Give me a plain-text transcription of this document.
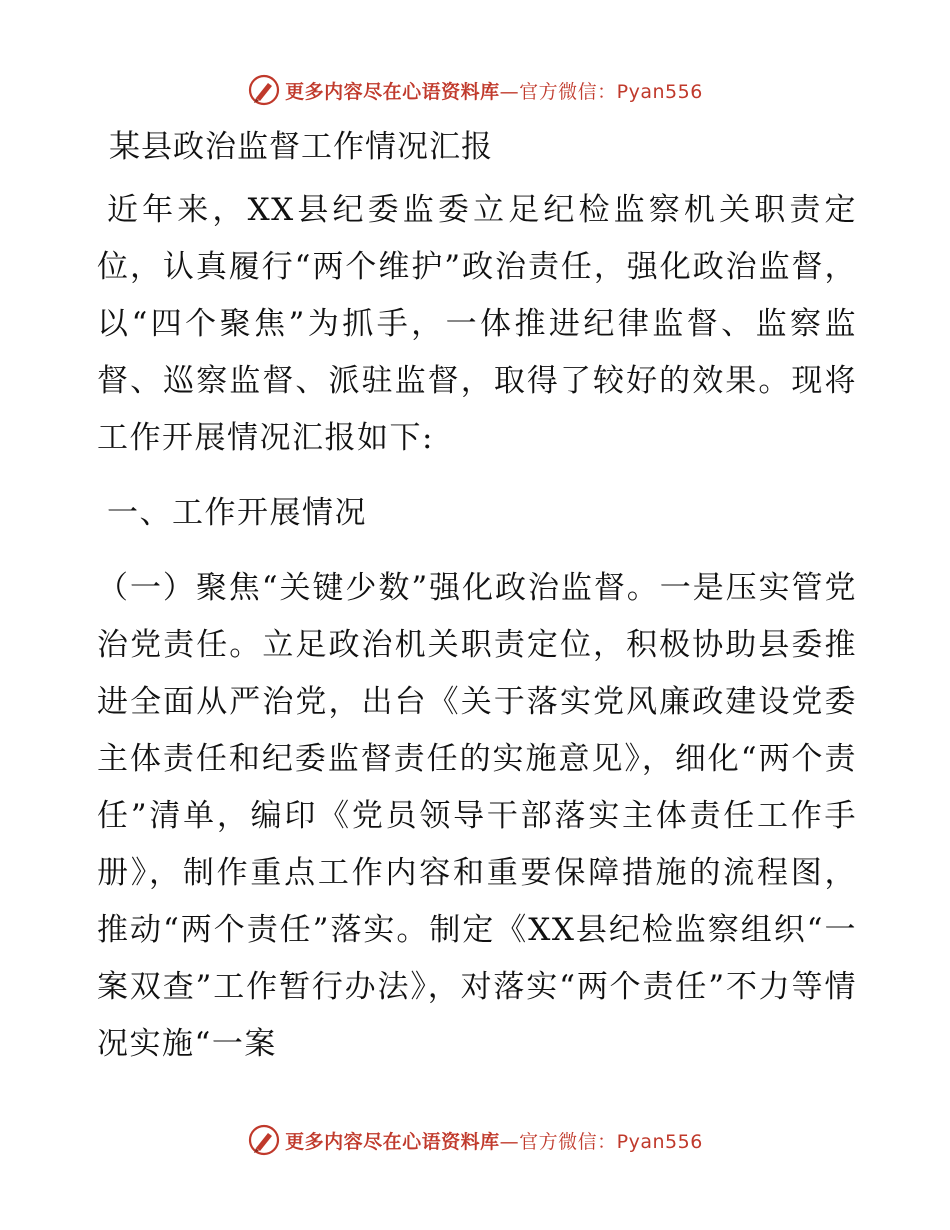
更多内容尽在心语资料库 —官方微信：Pyan556
某县政治监督工作情况汇报

近年来，XX县纪委监委立足纪检监察机关职责定位，认真履行“两个维护”政治责任，强化政治监督，以“四个聚焦”为抓手，一体推进纪律监督、监察监督、巡察监督、派驻监督，取得了较好的效果。现将工作开展情况汇报如下:

一、工作开展情况

（一）聚焦“关键少数”强化政治监督。一是压实管党治党责任。立足政治机关职责定位，积极协助县委推进全面从严治党，出台《关于落实党风廉政建设党委主体责任和纪委监督责任的实施意见》，细化“两个责任”清单，编印《党员领导干部落实主体责任工作手册》，制作重点工作内容和重要保障措施的流程图，推动“两个责任”落实。制定《XX县纪检监察组织“一案双查”工作暂行办法》，对落实“两个责任”不力等情况实施“一案

更多内容尽在心语资料库 —官方微信：Pyan556
